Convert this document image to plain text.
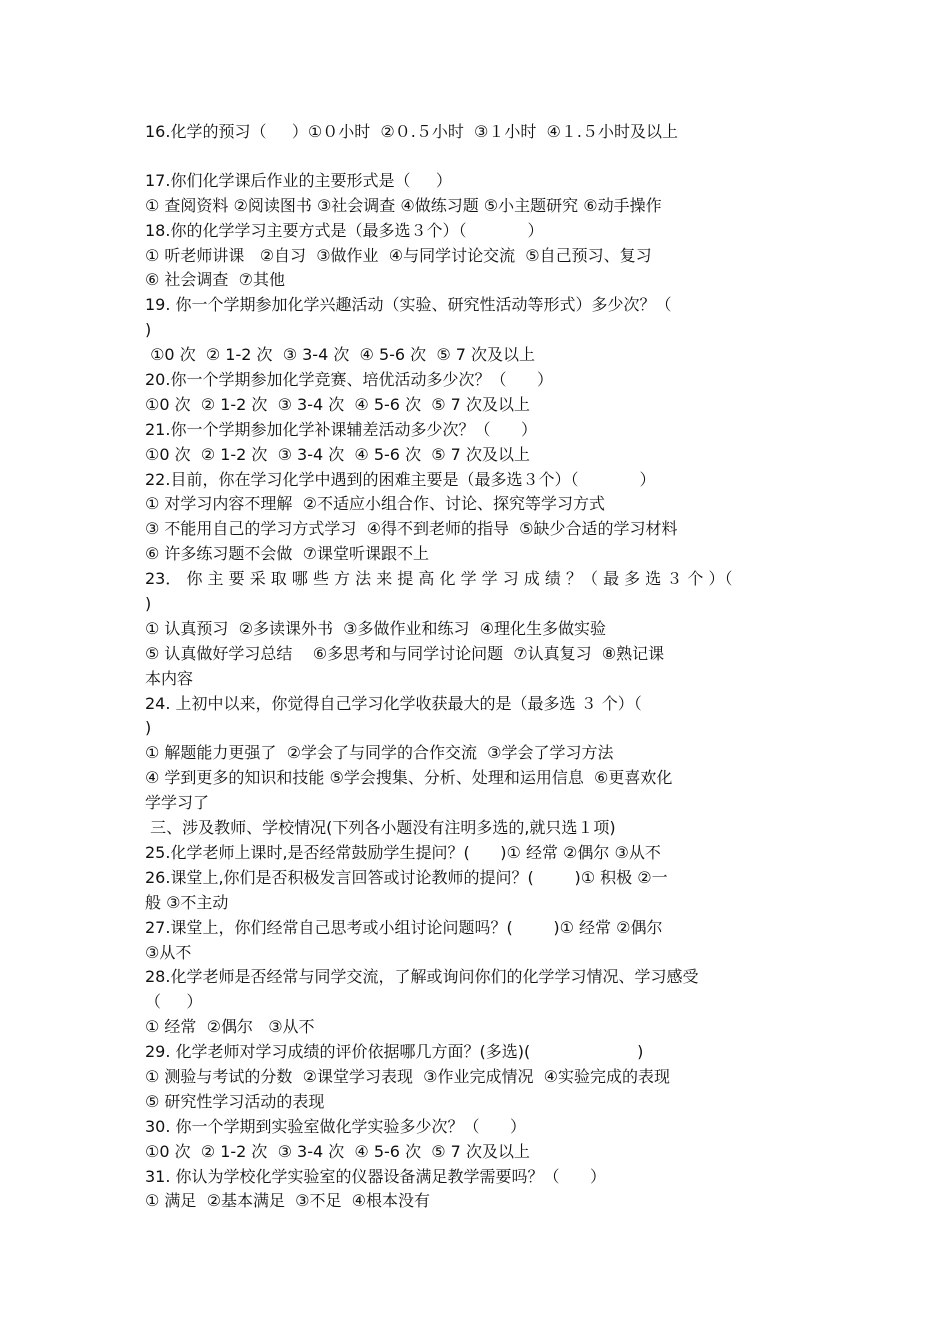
16.化学的预习（     ）①０小时  ②０.５小时  ③１小时  ④１.５小时及以上
17.你们化学课后作业的主要形式是（     ）
① 查阅资料 ②阅读图书 ③社会调查 ④做练习题 ⑤小主题研究 ⑥动手操作
18.你的化学学习主要方式是（最多选３个）（            ）
① 听老师讲课   ②自习  ③做作业  ④与同学讨论交流  ⑤自己预习、复习
⑥ 社会调查  ⑦其他
19. 你一个学期参加化学兴趣活动（实验、研究性活动等形式）多少次？（
)
①0 次  ② 1-2 次  ③ 3-4 次  ④ 5-6 次  ⑤ 7 次及以上
20.你一个学期参加化学竞赛、培优活动多少次？（      ）
①0 次  ② 1-2 次  ③ 3-4 次  ④ 5-6 次  ⑤ 7 次及以上
21.你一个学期参加化学补课辅差活动多少次？（      ）
①0 次  ② 1-2 次  ③ 3-4 次  ④ 5-6 次  ⑤ 7 次及以上
22.目前，你在学习化学中遇到的困难主要是（最多选３个）（            ）
① 对学习内容不理解  ②不适应小组合作、讨论、探究等学习方式
③ 不能用自己的学习方式学习  ④得不到老师的指导  ⑤缺少合适的学习材料
⑥ 许多练习题不会做  ⑦课堂听课跟不上
23． 你 主 要 采 取 哪 些 方 法 来 提 高 化 学 学 习 成 绩 ？（ 最 多 选 ３ 个 ）（
)
① 认真预习  ②多读课外书  ③多做作业和练习  ④理化生多做实验
⑤ 认真做好学习总结    ⑥多思考和与同学讨论问题  ⑦认真复习  ⑧熟记课
本内容
24. 上初中以来，你觉得自己学习化学收获最大的是（最多选 ３ 个）（
)
① 解题能力更强了  ②学会了与同学的合作交流  ③学会了学习方法
④ 学到更多的知识和技能 ⑤学会搜集、分析、处理和运用信息  ⑥更喜欢化
学学习了
三、涉及教师、学校情况(下列各小题没有注明多选的,就只选１项)
25.化学老师上课时,是否经常鼓励学生提问？(      )① 经常 ②偶尔 ③从不
26.课堂上,你们是否积极发言回答或讨论教师的提问？(        )① 积极 ②一
般 ③不主动
27.课堂上，你们经常自己思考或小组讨论问题吗？(        )① 经常 ②偶尔
③从不
28.化学老师是否经常与同学交流，了解或询问你们的化学学习情况、学习感受
（     ）
① 经常  ②偶尔   ③从不
29. 化学老师对学习成绩的评价依据哪几方面？(多选)(                     )
① 测验与考试的分数  ②课堂学习表现  ③作业完成情况  ④实验完成的表现
⑤ 研究性学习活动的表现
30. 你一个学期到实验室做化学实验多少次？（      ）
①0 次  ② 1-2 次  ③ 3-4 次  ④ 5-6 次  ⑤ 7 次及以上
31. 你认为学校化学实验室的仪器设备满足教学需要吗？（      ）
① 满足  ②基本满足  ③不足  ④根本没有
